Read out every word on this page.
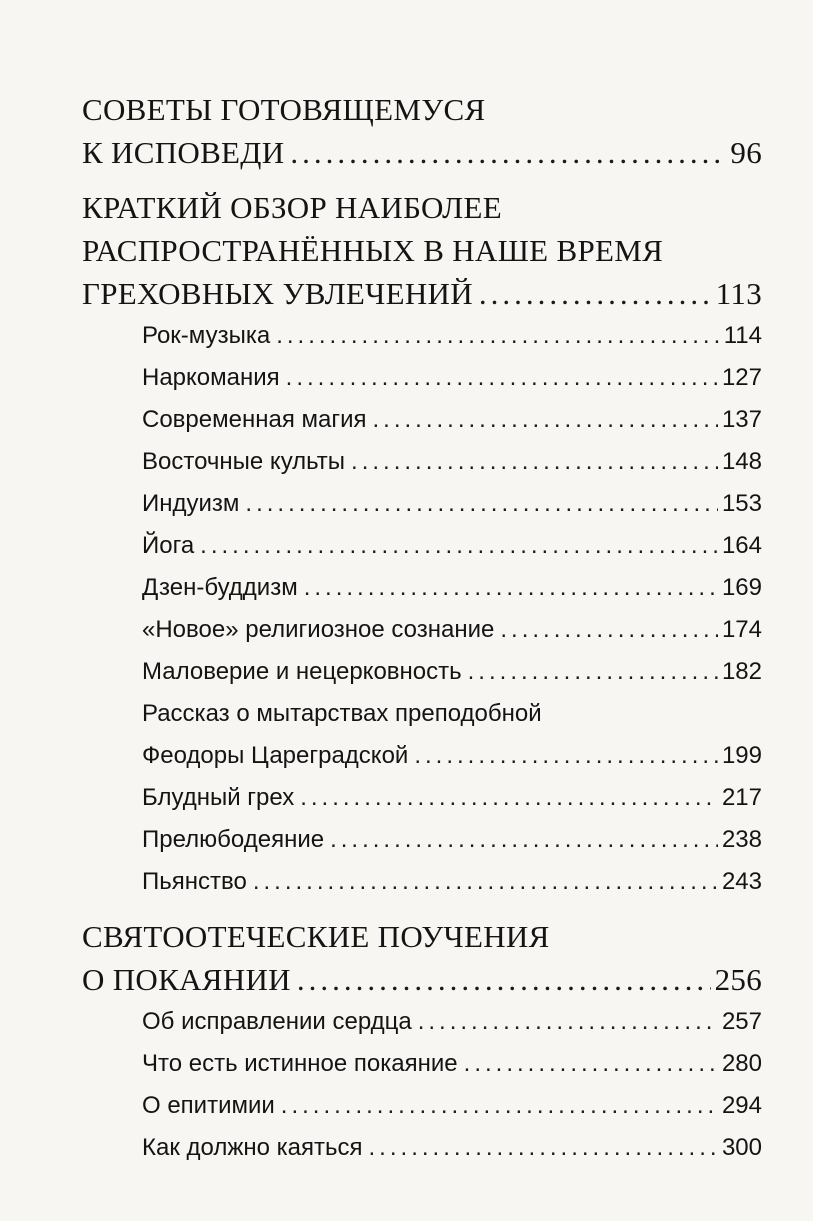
СОВЕТЫ ГОТОВЯЩЕМУСЯ
К ИСПОВЕДИ .....	96
КРАТКИЙ ОБЗОР НАИБОЛЕЕ
РАСПРОСТРАНЁННЫХ В НАШЕ ВРЕМЯ
ГРЕХОВНЫХ УВЛЕЧЕНИЙ .....	113
Рок-музыка .....	114
Наркомания .....	127
Современная магия .....	137
Восточные культы .....	148
Индуизм .....	153
Йога .....	164
Дзен-буддизм .....	169
«Новое» религиозное сознание .....	174
Маловерие и нецерковность .....	182
Рассказ о мытарствах преподобной
Феодоры Цареградской .....	199
Блудный грех .....	217
Прелюбодеяние .....	238
Пьянство .....	243
СВЯТООТЕЧЕСКИЕ ПОУЧЕНИЯ
О ПОКАЯНИИ .....	256
Об исправлении сердца .....	257
Что есть истинное покаяние .....	280
О епитимии .....	294
Как должно каяться .....	300
